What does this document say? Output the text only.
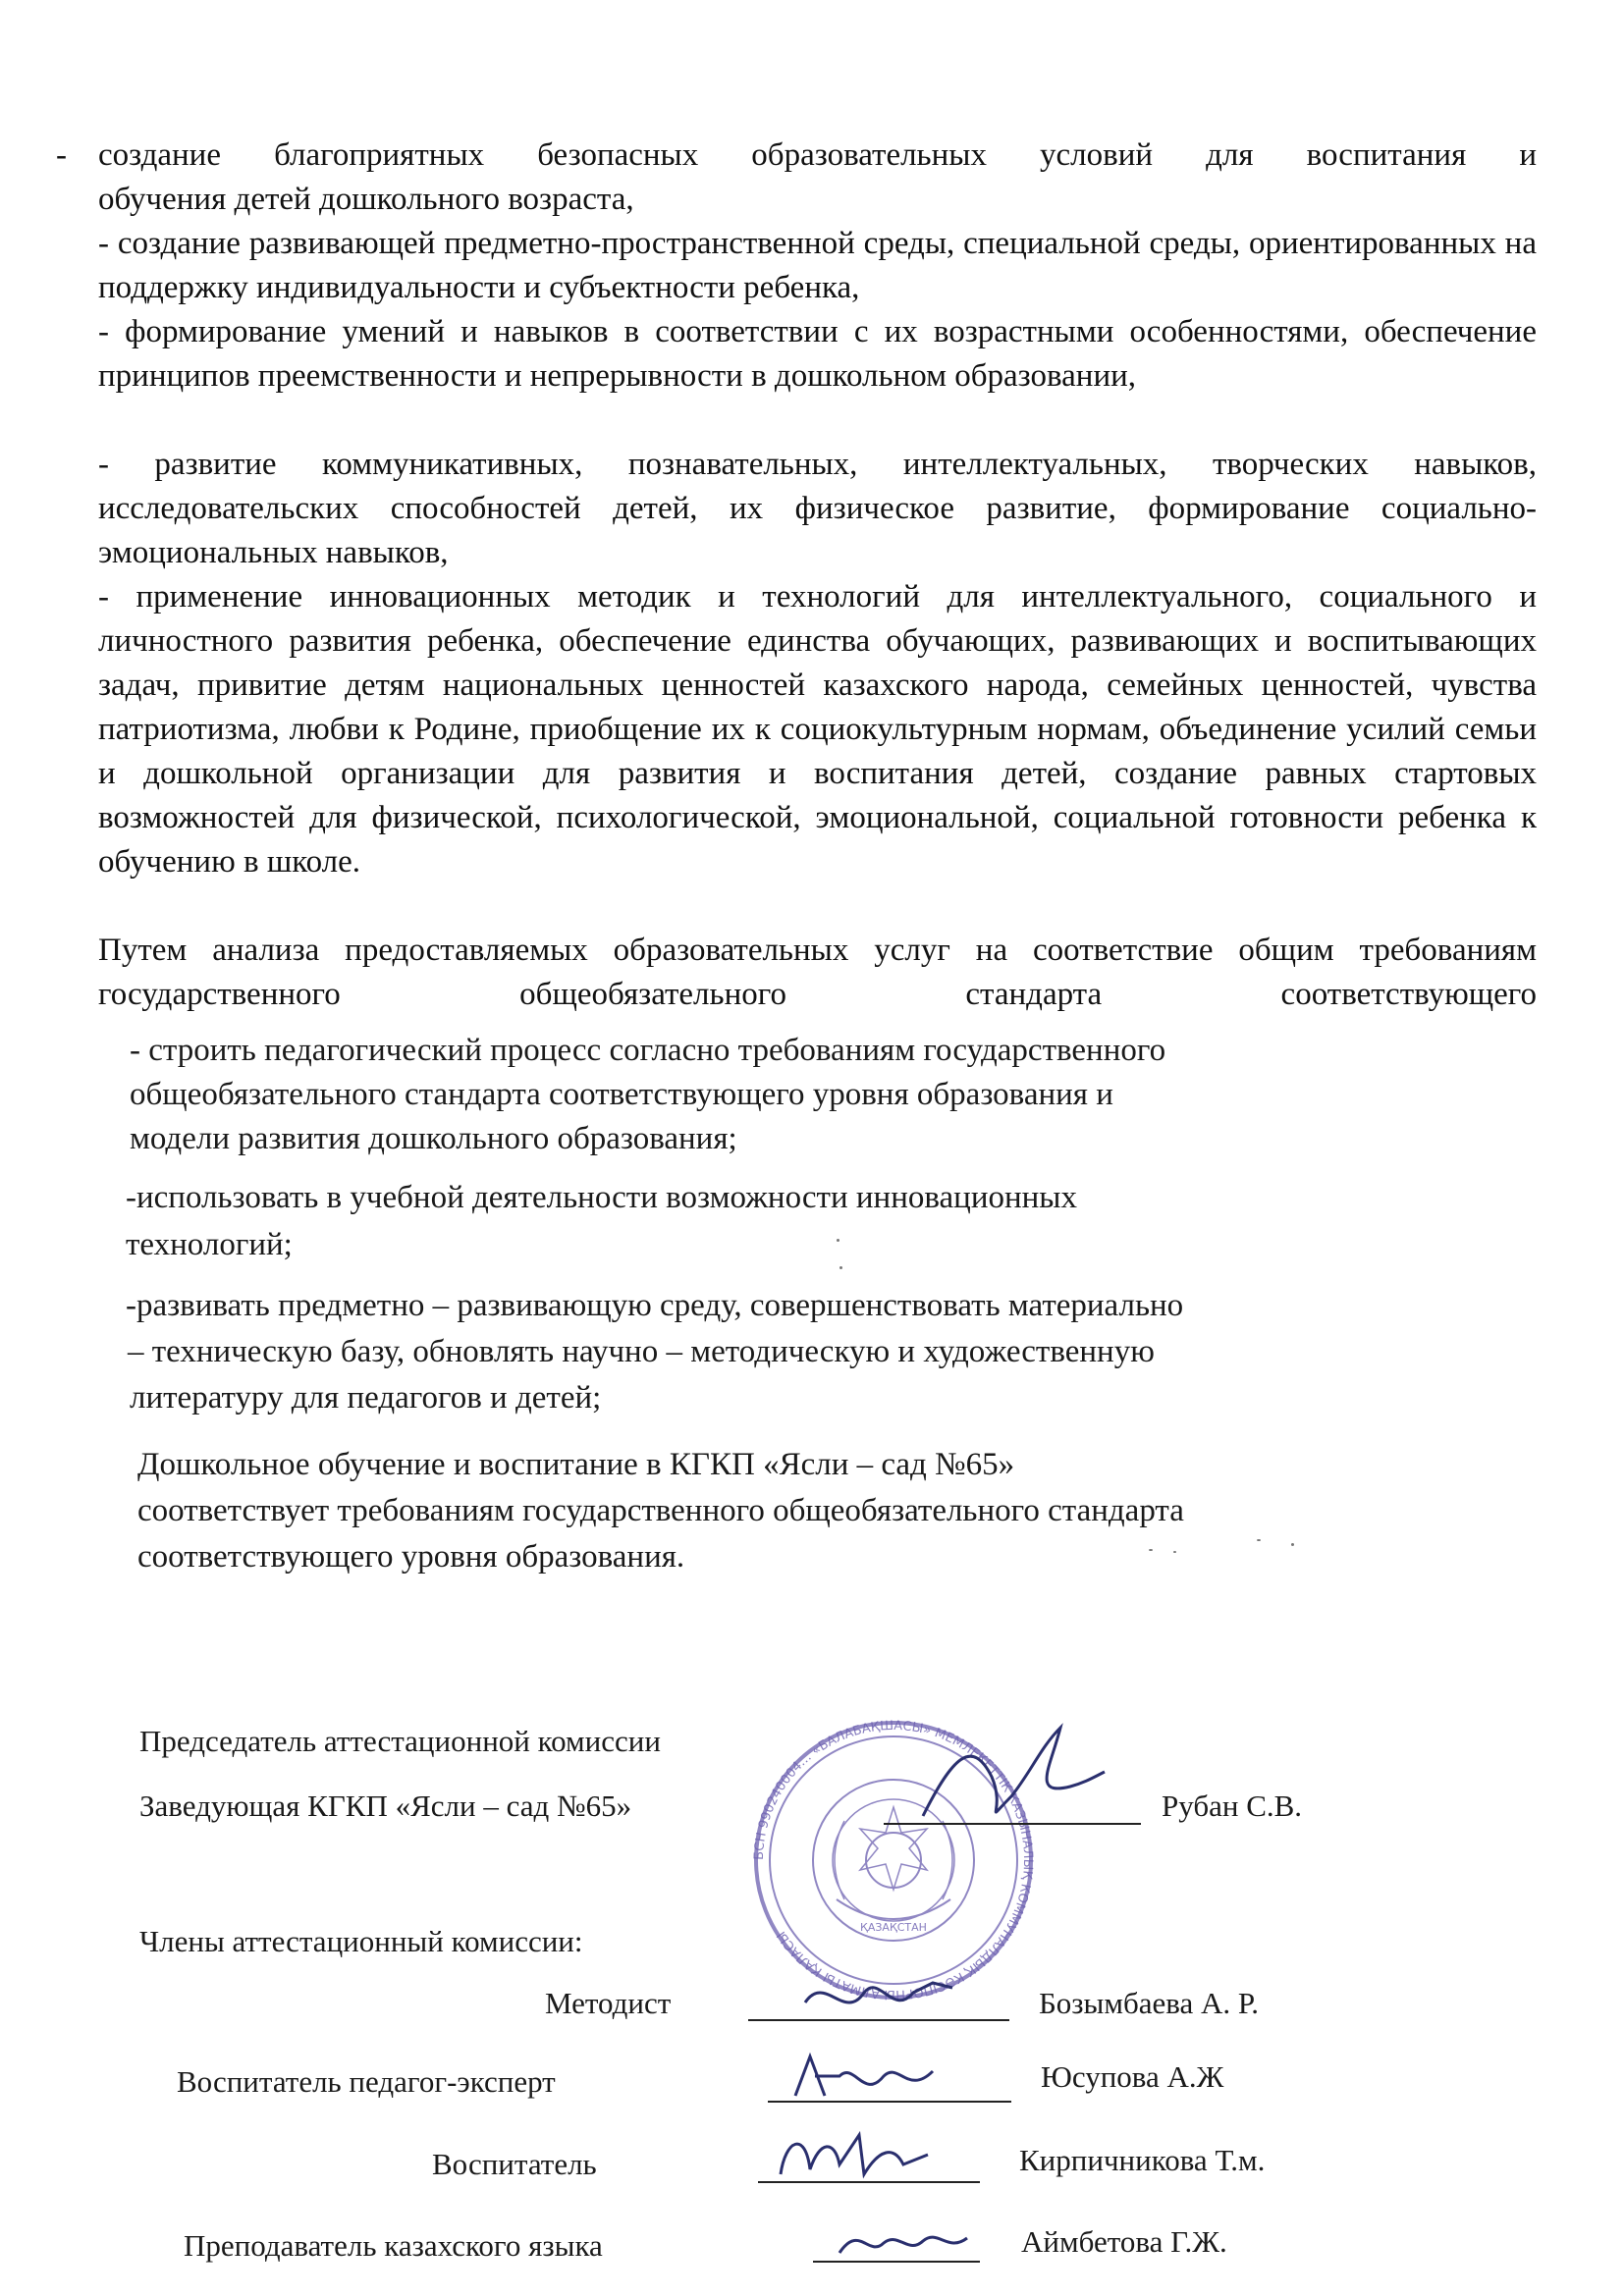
- создание благоприятных безопасных образовательных условий для воспитания и
обучения детей дошкольного возраста,
- создание развивающей предметно-пространственной среды, специальной среды, ориентированных на поддержку индивидуальности и субъектности ребенка,
- формирование умений и навыков в соответствии с их возрастными особенностями, обеспечение принципов преемственности и непрерывности в дошкольном образовании,
- развитие коммуникативных, познавательных, интеллектуальных, творческих навыков, исследовательских способностей детей, их физическое развитие, формирование социально- эмоциональных навыков,
- применение инновационных методик и технологий для интеллектуального, социального и личностного развития ребенка, обеспечение единства обучающих, развивающих и воспитывающих задач, привитие детям национальных ценностей казахского народа, семейных ценностей, чувства патриотизма, любви к Родине, приобщение их к социокультурным нормам, объединение усилий семьи и дошкольной организации для развития и воспитания детей, создание равных стартовых возможностей для физической, психологической, эмоциональной, социальной готовности ребенка к обучению в школе.
Путем анализа предоставляемых образовательных услуг на соответствие общим требованиям государственного общеобязательного стандарта соответствующего
- строить педагогический процесс согласно требованиям государственного
общеобязательного стандарта соответствующего уровня образования и
модели развития дошкольного образования;
-использовать в учебной деятельности возможности инновационных
технологий;
-развивать предметно – развивающую среду, совершенствовать материально
– техническую базу, обновлять научно – методическую и художественную
литературу для педагогов и детей;
Дошкольное обучение и воспитание в КГКП «Ясли – сад №65»
соответствует требованиям государственного общеобязательного стандарта
соответствующего уровня образования.
БСН 990240004… «БАЛАБАҚШАСЫ» МЕМЛЕКЕТТІК КАЗЫНАЛЫҚ КОММУНАЛДЫҚ КӘСІПОРНЫ АЛМАТЫ ҚАЛАСЫ
ҚАЗАҚСТАН
Председатель аттестационной комиссии
Заведующая КГКП «Ясли – сад №65»	Рубан С.В.
Члены аттестационный комиссии:
Методист	Бозымбаева А. Р.
Воспитатель педагог-эксперт	Юсупова А.Ж
Воспитатель	Кирпичникова Т.м.
Преподаватель казахского языка	Аймбетова Г.Ж.
